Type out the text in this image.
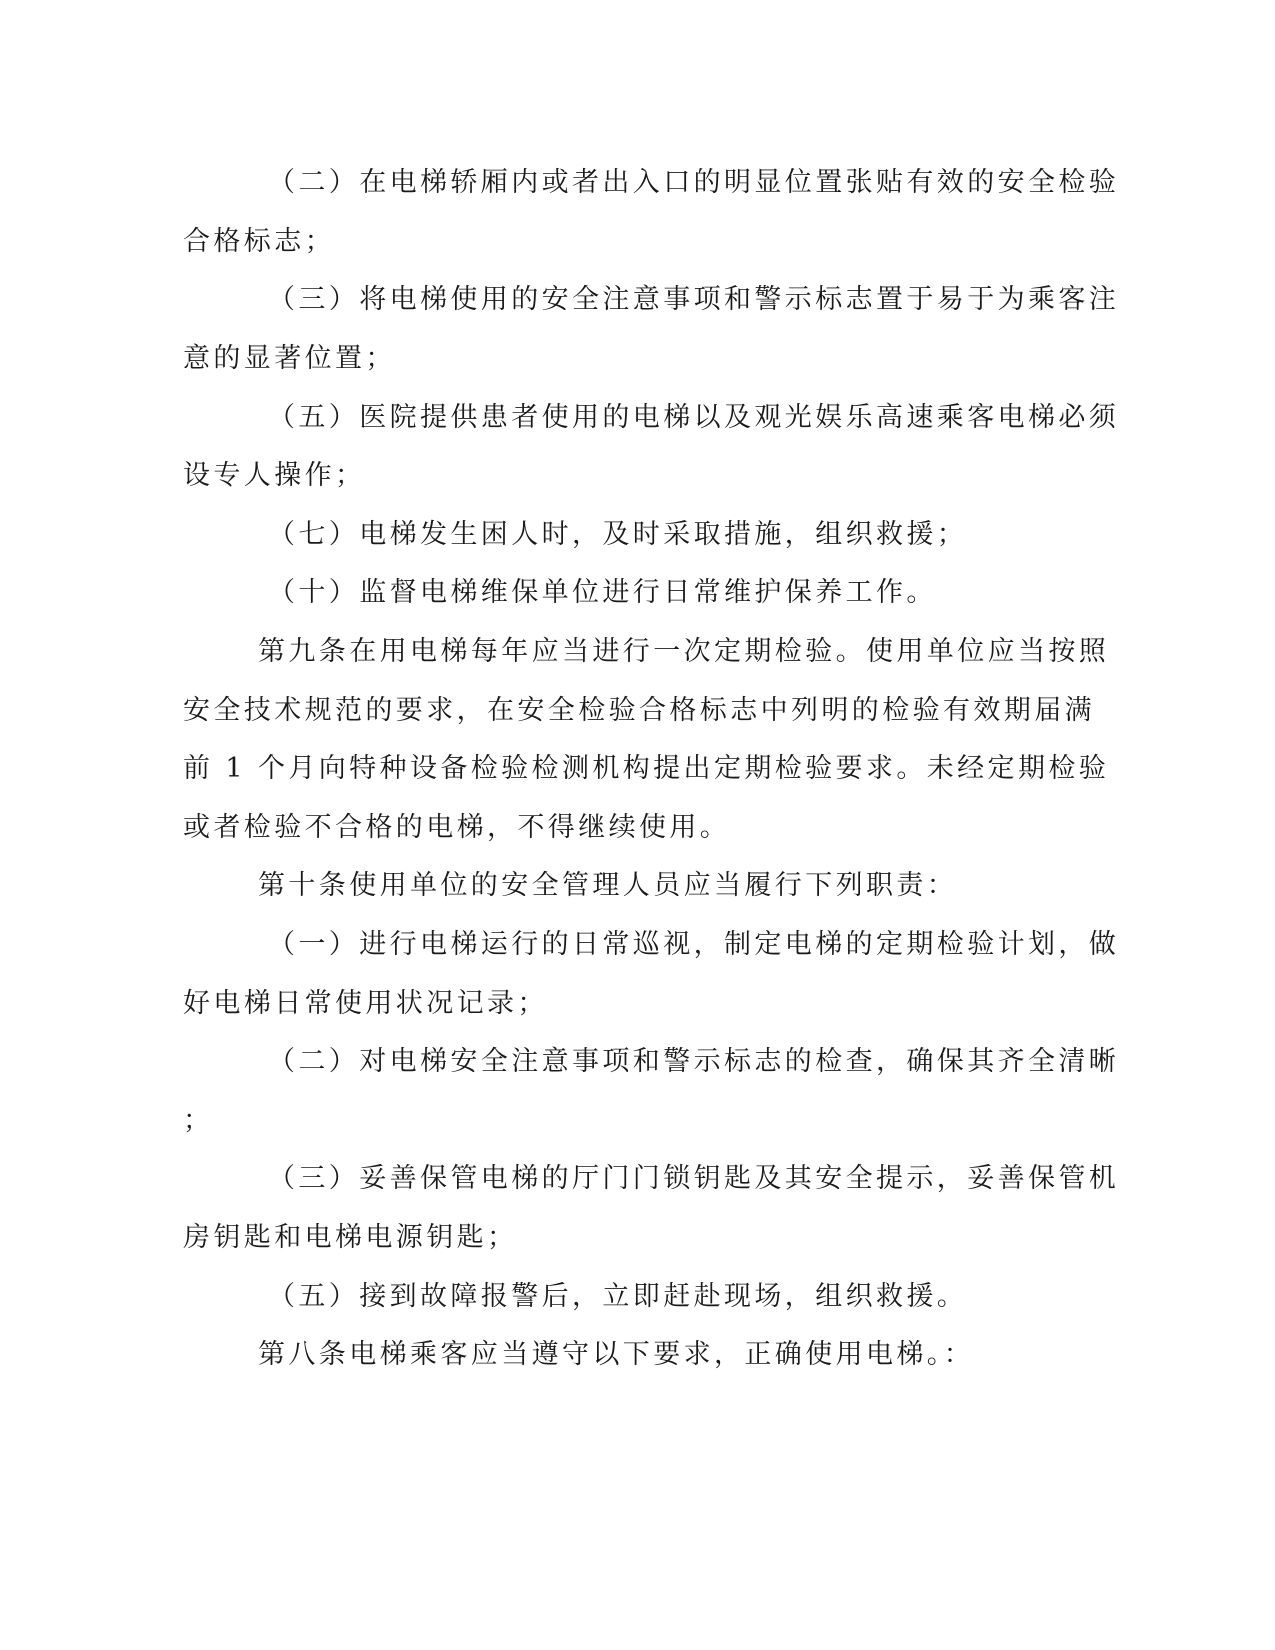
（二）在电梯轿厢内或者出入口的明显位置张贴有效的安全检验

合格标志；

（三）将电梯使用的安全注意事项和警示标志置于易于为乘客注

意的显著位置；

（五）医院提供患者使用的电梯以及观光娱乐高速乘客电梯必须

设专人操作；

（七）电梯发生困人时，及时采取措施，组织救援；

（十）监督电梯维保单位进行日常维护保养工作。

第九条在用电梯每年应当进行一次定期检验。使用单位应当按照

安全技术规范的要求，在安全检验合格标志中列明的检验有效期届满

前 1 个月向特种设备检验检测机构提出定期检验要求。未经定期检验

或者检验不合格的电梯，不得继续使用。

第十条使用单位的安全管理人员应当履行下列职责：

（一）进行电梯运行的日常巡视，制定电梯的定期检验计划，做

好电梯日常使用状况记录；

（二）对电梯安全注意事项和警示标志的检查，确保其齐全清晰

；

（三）妥善保管电梯的厅门门锁钥匙及其安全提示，妥善保管机

房钥匙和电梯电源钥匙；

（五）接到故障报警后，立即赶赴现场，组织救援。

第八条电梯乘客应当遵守以下要求，正确使用电梯。：
